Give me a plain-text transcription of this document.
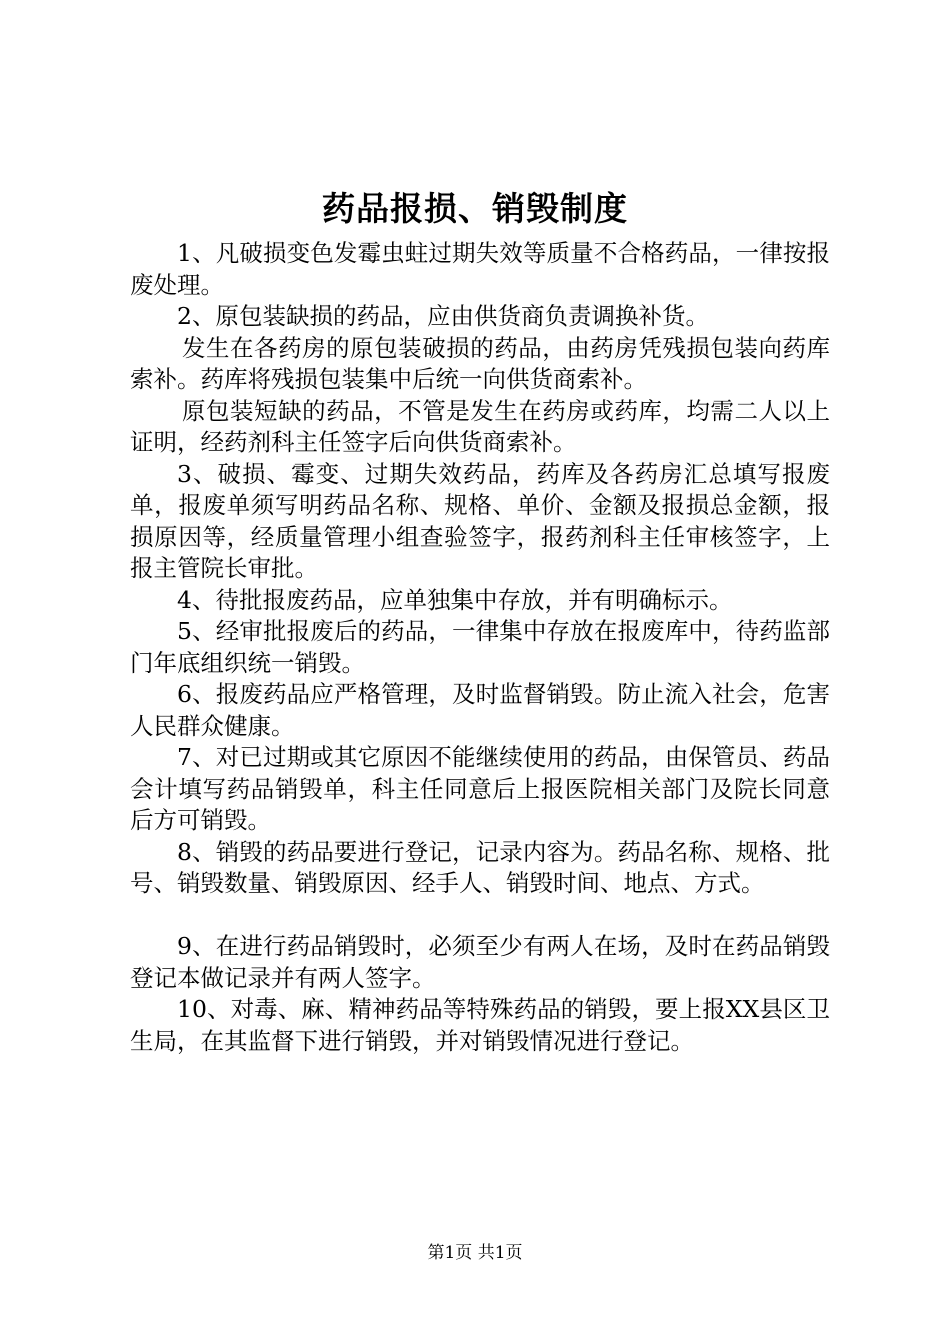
药品报损、销毁制度

1、凡破损变色发霉虫蛀过期失效等质量不合格药品，一律按报废处理。

2、原包装缺损的药品，应由供货商负责调换补货。

发生在各药房的原包装破损的药品，由药房凭残损包装向药库索补。药库将残损包装集中后统一向供货商索补。

原包装短缺的药品，不管是发生在药房或药库，均需二人以上证明，经药剂科主任签字后向供货商索补。

3、破损、霉变、过期失效药品，药库及各药房汇总填写报废单，报废单须写明药品名称、规格、单价、金额及报损总金额，报损原因等，经质量管理小组查验签字，报药剂科主任审核签字，上报主管院长审批。

4、待批报废药品，应单独集中存放，并有明确标示。

5、经审批报废后的药品，一律集中存放在报废库中，待药监部门年底组织统一销毁。

6、报废药品应严格管理，及时监督销毁。防止流入社会，危害人民群众健康。

7、对已过期或其它原因不能继续使用的药品，由保管员、药品会计填写药品销毁单，科主任同意后上报医院相关部门及院长同意后方可销毁。

8、销毁的药品要进行登记，记录内容为。药品名称、规格、批号、销毁数量、销毁原因、经手人、销毁时间、地点、方式。

9、在进行药品销毁时，必须至少有两人在场，及时在药品销毁登记本做记录并有两人签字。

10、对毒、麻、精神药品等特殊药品的销毁，要上报XX县区卫生局，在其监督下进行销毁，并对销毁情况进行登记。

第1页 共1页
